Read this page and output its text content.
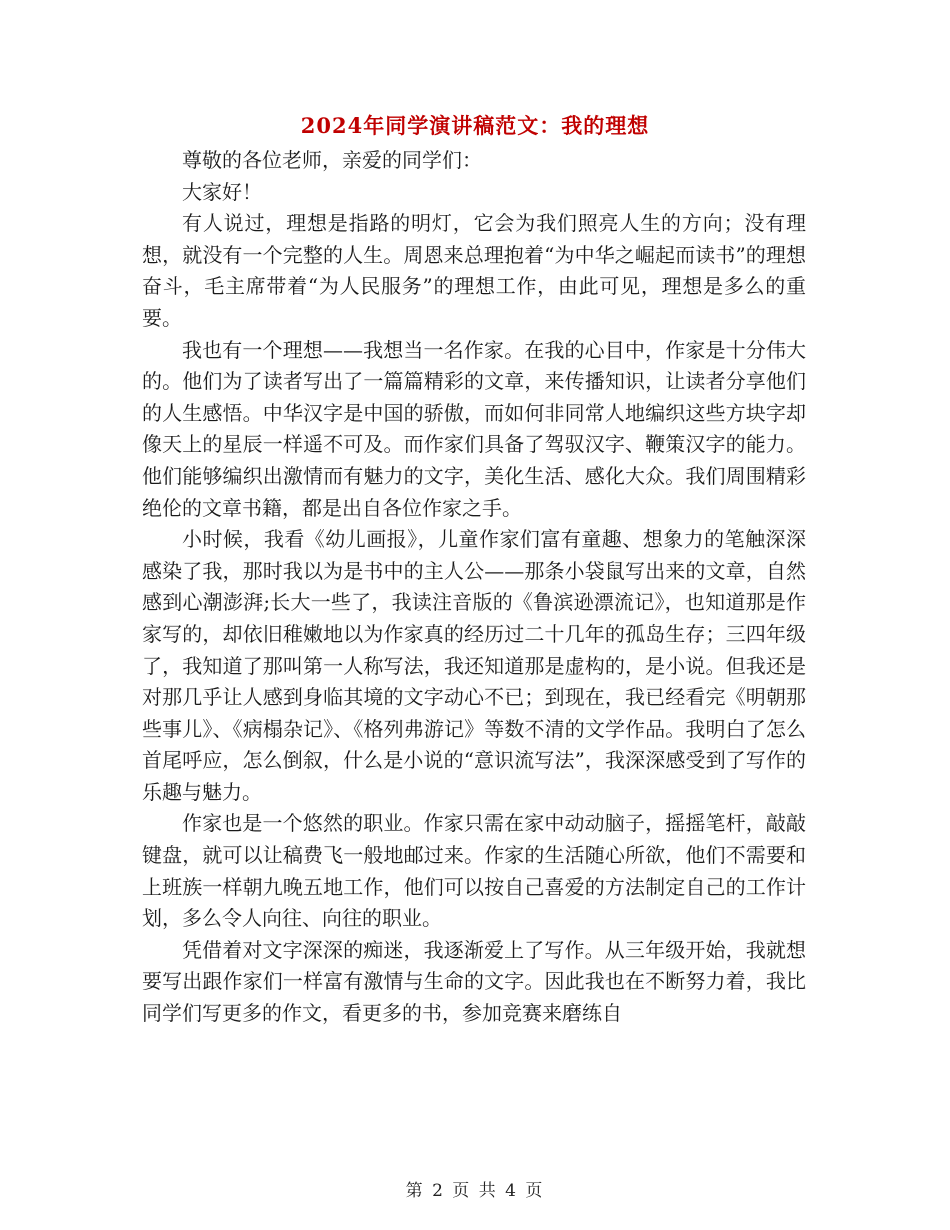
2024年同学演讲稿范文：我的理想

尊敬的各位老师，亲爱的同学们：

大家好！

有人说过，理想是指路的明灯，它会为我们照亮人生的方向；没有理想，就没有一个完整的人生。周恩来总理抱着“为中华之崛起而读书”的理想奋斗，毛主席带着“为人民服务”的理想工作，由此可见，理想是多么的重要。

我也有一个理想——我想当一名作家。在我的心目中，作家是十分伟大的。他们为了读者写出了一篇篇精彩的文章，来传播知识，让读者分享他们的人生感悟。中华汉字是中国的骄傲，而如何非同常人地编织这些方块字却像天上的星辰一样遥不可及。而作家们具备了驾驭汉字、鞭策汉字的能力。他们能够编织出激情而有魅力的文字，美化生活、感化大众。我们周围精彩绝伦的文章书籍，都是出自各位作家之手。

小时候，我看《幼儿画报》，儿童作家们富有童趣、想象力的笔触深深感染了我，那时我以为是书中的主人公——那条小袋鼠写出来的文章，自然感到心潮澎湃;长大一些了，我读注音版的《鲁滨逊漂流记》，也知道那是作家写的，却依旧稚嫩地以为作家真的经历过二十几年的孤岛生存；三四年级了，我知道了那叫第一人称写法，我还知道那是虚构的，是小说。但我还是对那几乎让人感到身临其境的文字动心不已；到现在，我已经看完《明朝那些事儿》、《病榻杂记》、《格列弗游记》等数不清的文学作品。我明白了怎么首尾呼应，怎么倒叙，什么是小说的“意识流写法”，我深深感受到了写作的乐趣与魅力。

作家也是一个悠然的职业。作家只需在家中动动脑子，摇摇笔杆，敲敲键盘，就可以让稿费飞一般地邮过来。作家的生活随心所欲，他们不需要和上班族一样朝九晚五地工作，他们可以按自己喜爱的方法制定自己的工作计划，多么令人向往、向往的职业。

凭借着对文字深深的痴迷，我逐渐爱上了写作。从三年级开始，我就想要写出跟作家们一样富有激情与生命的文字。因此我也在不断努力着，我比同学们写更多的作文，看更多的书，参加竞赛来磨练自

第 2 页 共 4 页
